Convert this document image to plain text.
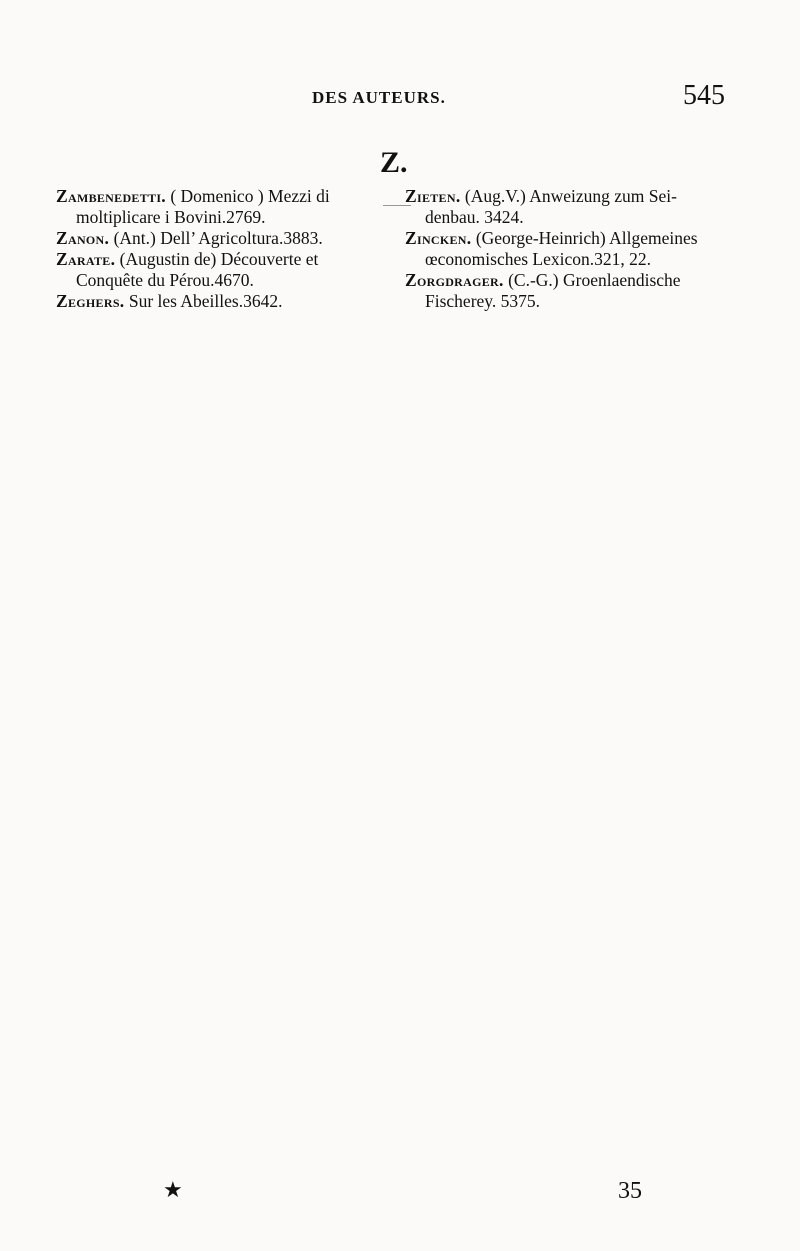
DES AUTEURS.	545
Z.

Zambenedetti. ( Domenico ) Mezzi di
moltiplicare i Bovini.2769.

Zanon. (Ant.) Dell’ Agricoltura.3883.

Zarate. (Augustin de) Découverte et
Conquête du Pérou.4670.

Zeghers. Sur les Abeilles.3642.

Zieten. (Aug.V.) Anweizung zum Sei-
denbau. 3424.

Zincken. (George-Heinrich) Allgemeines
œconomisches Lexicon.321, 22.

Zorgdrager. (C.-G.) Groenlaendische
Fischerey. 5375.

★	35
